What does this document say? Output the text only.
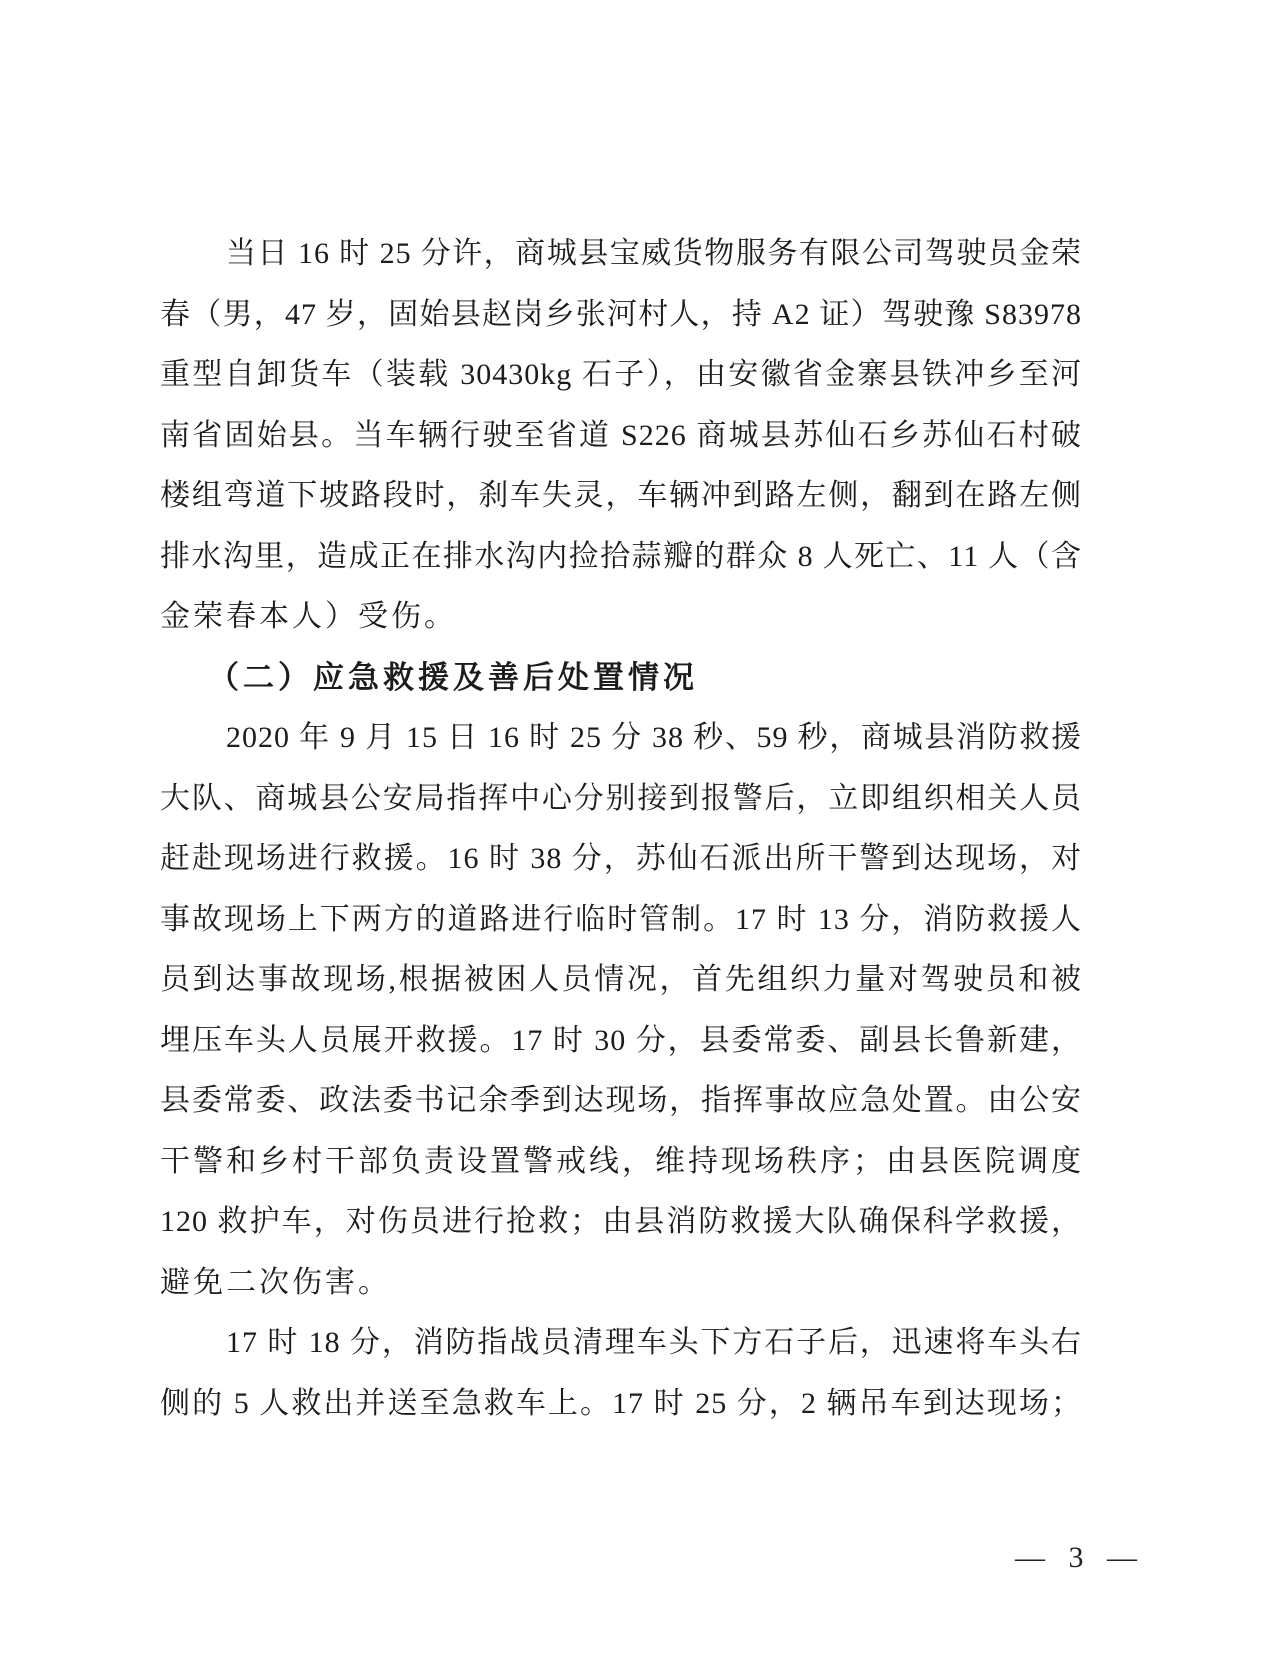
当日 16 时 25 分许，商城县宝威货物服务有限公司驾驶员金荣

春（男，47 岁，固始县赵岗乡张河村人，持 A2 证）驾驶豫 S83978

重型自卸货车（装载 30430kg 石子），由安徽省金寨县铁冲乡至河

南省固始县。当车辆行驶至省道 S226 商城县苏仙石乡苏仙石村破

楼组弯道下坡路段时，刹车失灵，车辆冲到路左侧，翻到在路左侧

排水沟里，造成正在排水沟内捡拾蒜瓣的群众 8 人死亡、11 人（含

金荣春本人）受伤。

（二）应急救援及善后处置情况

2020 年 9 月 15 日 16 时 25 分 38 秒、59 秒，商城县消防救援

大队、商城县公安局指挥中心分别接到报警后，立即组织相关人员

赶赴现场进行救援。16 时 38 分，苏仙石派出所干警到达现场，对

事故现场上下两方的道路进行临时管制。17 时 13 分，消防救援人

员到达事故现场,根据被困人员情况，首先组织力量对驾驶员和被

埋压车头人员展开救援。17 时 30 分，县委常委、副县长鲁新建，

县委常委、政法委书记余季到达现场，指挥事故应急处置。由公安

干警和乡村干部负责设置警戒线，维持现场秩序；由县医院调度

120 救护车，对伤员进行抢救；由县消防救援大队确保科学救援，

避免二次伤害。

17 时 18 分，消防指战员清理车头下方石子后，迅速将车头右

侧的 5 人救出并送至急救车上。17 时 25 分，2 辆吊车到达现场；

— 3 —
